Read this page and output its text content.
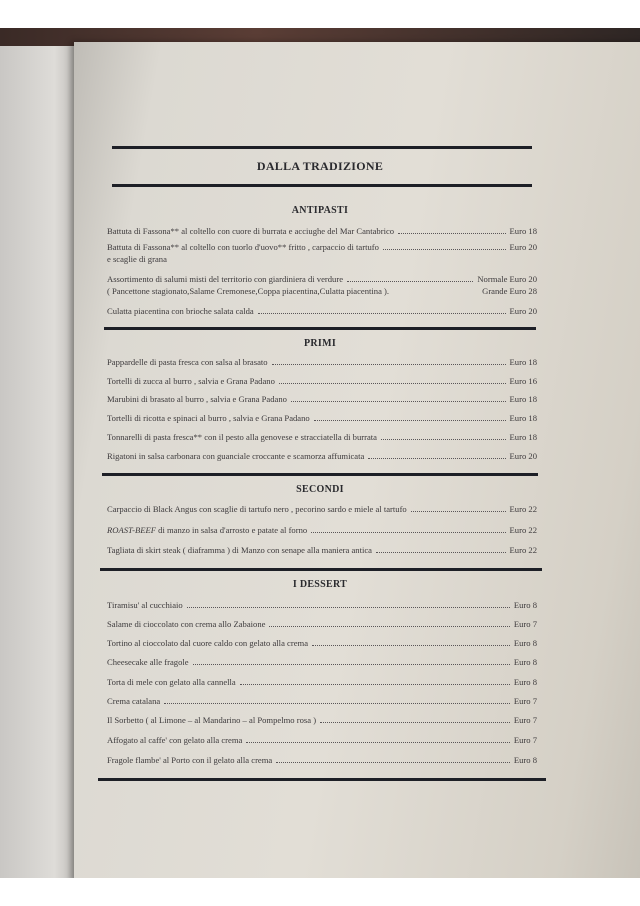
DALLA TRADIZIONE
ANTIPASTI
Battuta di Fassona** al coltello con cuore di burrata e acciughe del Mar Cantabrico	Euro 18
Battuta di Fassona** al coltello con tuorlo d'uovo** fritto , carpaccio di tartufo	Euro 20
e scaglie di grana
Assortimento di salumi misti del territorio con giardiniera di verdure	Normale Euro 20
( Pancettone stagionato,Salame Cremonese,Coppa piacentina,Culatta piacentina ).	Grande Euro 28
Culatta piacentina con brioche salata calda	Euro 20
PRIMI
Pappardelle di pasta fresca con salsa al brasato	Euro 18
Tortelli di zucca al burro , salvia e Grana Padano	Euro 16
Marubini di brasato al burro , salvia e Grana Padano	Euro 18
Tortelli di ricotta e spinaci al burro , salvia e Grana Padano	Euro 18
Tonnarelli di pasta fresca** con il pesto alla genovese e stracciatella di burrata	Euro 18
Rigatoni in salsa carbonara con guanciale croccante e scamorza affumicata	Euro 20
SECONDI
Carpaccio di Black Angus con scaglie di tartufo nero , pecorino sardo e miele al tartufo	Euro 22
ROAST-BEEF di manzo in salsa d'arrosto e patate al forno	Euro 22
Tagliata di skirt steak ( diaframma ) di Manzo con senape alla maniera antica	Euro 22
I DESSERT
Tiramisu' al cucchiaio	Euro 8
Salame di cioccolato con crema allo Zabaione	Euro 7
Tortino al cioccolato dal cuore caldo con gelato alla crema	Euro 8
Cheesecake alle fragole	Euro 8
Torta di mele con gelato alla cannella	Euro 8
Crema catalana	Euro 7
Il Sorbetto ( al Limone – al Mandarino – al Pompelmo rosa )	Euro 7
Affogato al caffe' con gelato alla crema	Euro 7
Fragole flambe' al Porto con il gelato alla crema	Euro 8
